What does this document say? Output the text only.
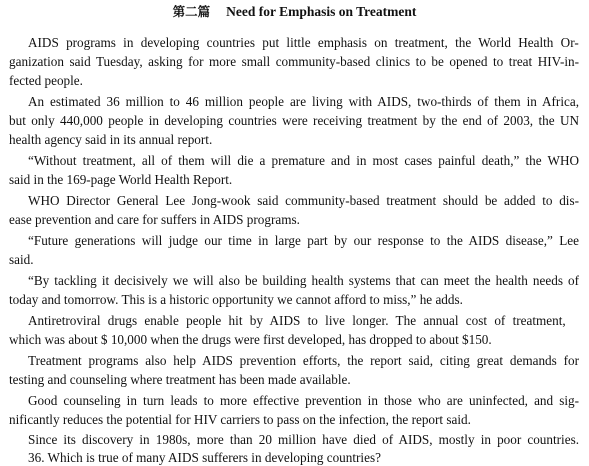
第二篇 Need for Emphasis on Treatment
AIDS programs in developing countries put little emphasis on treatment, the World Health Or-
ganization said Tuesday, asking for more small community-based clinics to be opened to treat HIV-in-
fected people.
An estimated 36 million to 46 million people are living with AIDS, two-thirds of them in Africa,
but only 440,000 people in developing countries were receiving treatment by the end of 2003, the UN
health agency said in its annual report.
“Without treatment, all of them will die a premature and in most cases painful death,” the WHO
said in the 169-page World Health Report.
WHO Director General Lee Jong-wook said community-based treatment should be added to dis-
ease prevention and care for suffers in AIDS programs.
“Future generations will judge our time in large part by our response to the AIDS disease,” Lee
said.
“By tackling it decisively we will also be building health systems that can meet the health needs of
today and tomorrow. This is a historic opportunity we cannot afford to miss,” he adds.
Antiretroviral drugs enable people hit by AIDS to live longer. The annual cost of treatment,
which was about $ 10,000 when the drugs were first developed, has dropped to about $150.
Treatment programs also help AIDS prevention efforts, the report said, citing great demands for
testing and counseling where treatment has been made available.
Good counseling in turn leads to more effective prevention in those who are uninfected, and sig-
nificantly reduces the potential for HIV carriers to pass on the infection, the report said.
Since its discovery in 1980s, more than 20 million have died of AIDS, mostly in poor countries.
36. Which is true of many AIDS sufferers in developing countries?
